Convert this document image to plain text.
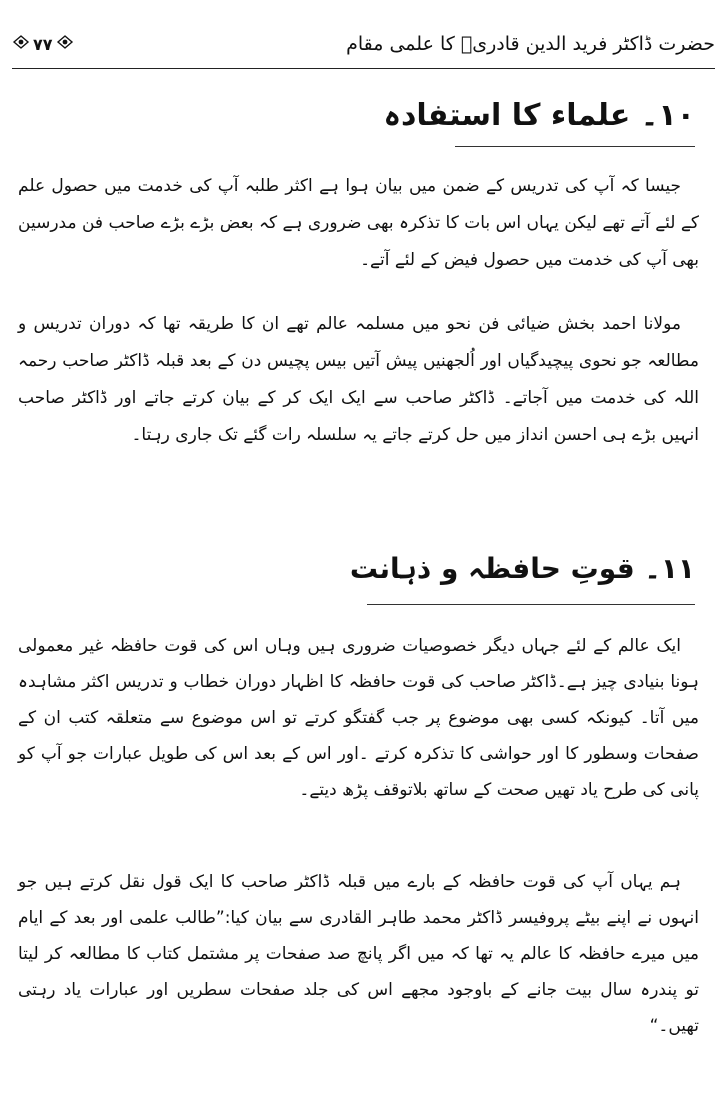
۷۷	حضرت ڈاکٹر فرید الدین قادریؒ کا علمی مقام
۱۰۔ علماء کا استفادہ

جیسا کہ آپ کی تدریس کے ضمن میں بیان ہوا ہے اکثر طلبہ آپ کی خدمت میں حصول علم کے لئے آتے تھے لیکن یہاں اس بات کا تذکرہ بھی ضروری ہے کہ بعض بڑے بڑے صاحب فن مدرسین بھی آپ کی خدمت میں حصول فیض کے لئے آتے۔

مولانا احمد بخش ضیائی فن نحو میں مسلمہ عالم تھے ان کا طریقہ تھا کہ دوران تدریس و مطالعہ جو نحوی پیچیدگیاں اور اُلجھنیں پیش آتیں بیس پچیس دن کے بعد قبلہ ڈاکٹر صاحب رحمہ اللہ کی خدمت میں آجاتے۔ ڈاکٹر صاحب سے ایک ایک کر کے بیان کرتے جاتے اور ڈاکٹر صاحب انہیں بڑے ہی احسن انداز میں حل کرتے جاتے یہ سلسلہ رات گئے تک جاری رہتا۔

۱۱۔ قوتِ حافظہ و ذہانت

ایک عالم کے لئے جہاں دیگر خصوصیات ضروری ہیں وہاں اس کی قوت حافظہ غیر معمولی ہونا بنیادی چیز ہے۔ڈاکٹر صاحب کی قوت حافظہ کا اظہار دوران خطاب و تدریس اکثر مشاہدہ میں آتا۔ کیونکہ کسی بھی موضوع پر جب گفتگو کرتے تو اس موضوع سے متعلقہ کتب ان کے صفحات وسطور کا اور حواشی کا تذکرہ کرتے ۔اور اس کے بعد اس کی طویل عبارات جو آپ کو پانی کی طرح یاد تھیں صحت کے ساتھ بلاتوقف پڑھ دیتے۔

ہم یہاں آپ کی قوت حافظہ کے بارے میں قبلہ ڈاکٹر صاحب کا ایک قول نقل کرتے ہیں جو انہوں نے اپنے بیٹے پروفیسر ڈاکٹر محمد طاہر القادری سے بیان کیا:”طالب علمی اور بعد کے ایام میں میرے حافظہ کا عالم یہ تھا کہ میں اگر پانچ صد صفحات پر مشتمل کتاب کا مطالعہ کر لیتا تو پندرہ سال بیت جانے کے باوجود مجھے اس کی جلد صفحات سطریں اور عبارات یاد رہتی تھیں۔“
